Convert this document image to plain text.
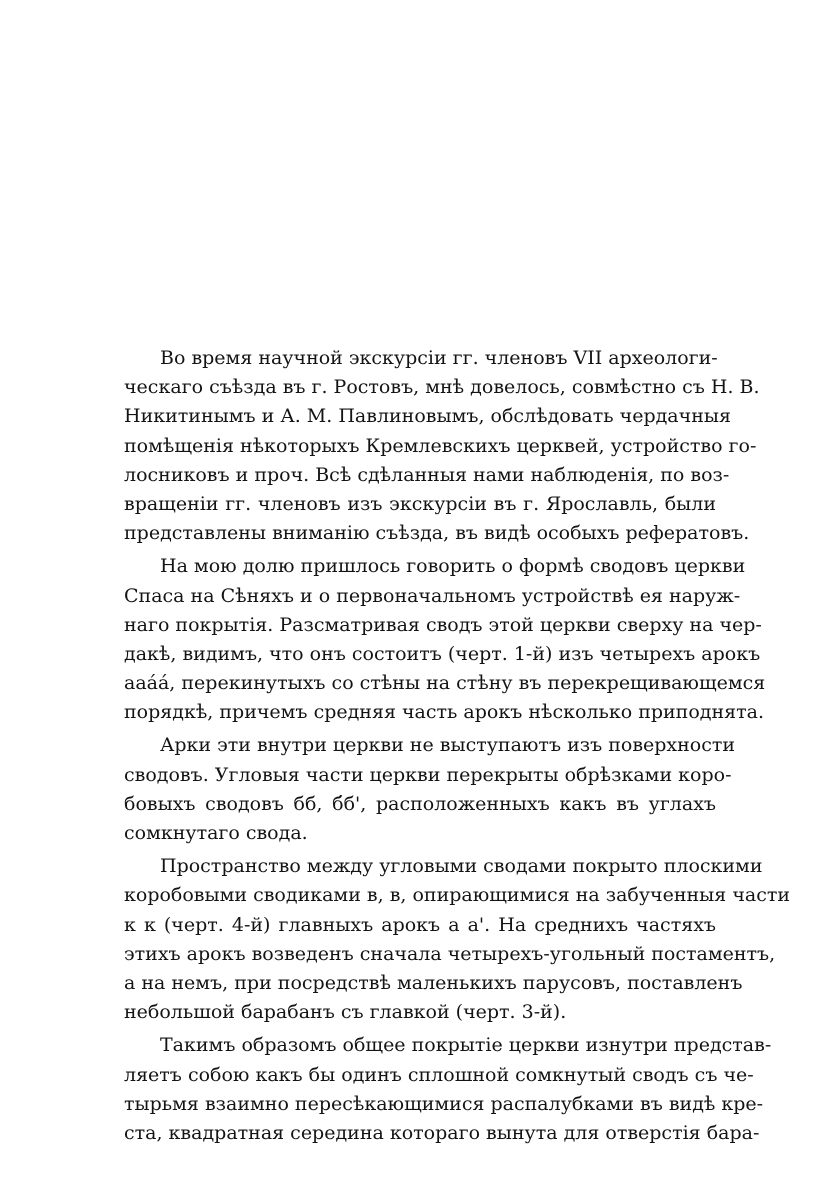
Во время научной экскурсіи гг. членовъ VII археологи-
ческаго съѣзда въ г. Ростовъ, мнѣ довелось, совмѣстно съ Н. В.
Никитинымъ и А. М. Павлиновымъ, обслѣдовать чердачныя
помѣщенія нѣкоторыхъ Кремлевскихъ церквей, устройство го-
лосниковъ и проч. Всѣ сдѣланныя нами наблюденія, по воз-
вращеніи гг. членовъ изъ экскурсіи въ г. Ярославль, были
представлены вниманію съѣзда, въ видѣ особыхъ рефератовъ.
На мою долю пришлось говорить о формѣ сводовъ церкви
Спаса на Сѣняхъ и о первоначальномъ устройствѣ ея наруж-
наго покрытія. Разсматривая сводъ этой церкви сверху на чер-
дакѣ, видимъ, что онъ состоитъ (черт. 1-й) изъ четырехъ арокъ
aaáá, перекинутыхъ со стѣны на стѣну въ перекрещивающемся
порядкѣ, причемъ средняя часть арокъ нѣсколько приподнята.
Арки эти внутри церкви не выступаютъ изъ поверхности
сводовъ. Угловыя части церкви перекрыты обрѣзками коро-
бовыхъ сводовъ бб, б́б', расположенныхъ какъ въ углахъ
сомкнутаго свода.
Пространство между угловыми сводами покрыто плоскими
коробовыми сводиками в, в, опирающимися на забученныя части
к к (черт. 4-й) главныхъ арокъ а а'. На среднихъ частяхъ
этихъ арокъ возведенъ сначала четырехъ-угольный постаментъ,
а на немъ, при посредствѣ маленькихъ парусовъ, поставленъ
небольшой барабанъ съ главкой (черт. 3-й).
Такимъ образомъ общее покрытіе церкви изнутри представ-
ляетъ собою какъ бы одинъ сплошной сомкнутый сводъ съ че-
тырьмя взаимно пересѣкающимися распалубками въ видѣ кре-
ста, квадратная середина котораго вынута для отверстія бара-
